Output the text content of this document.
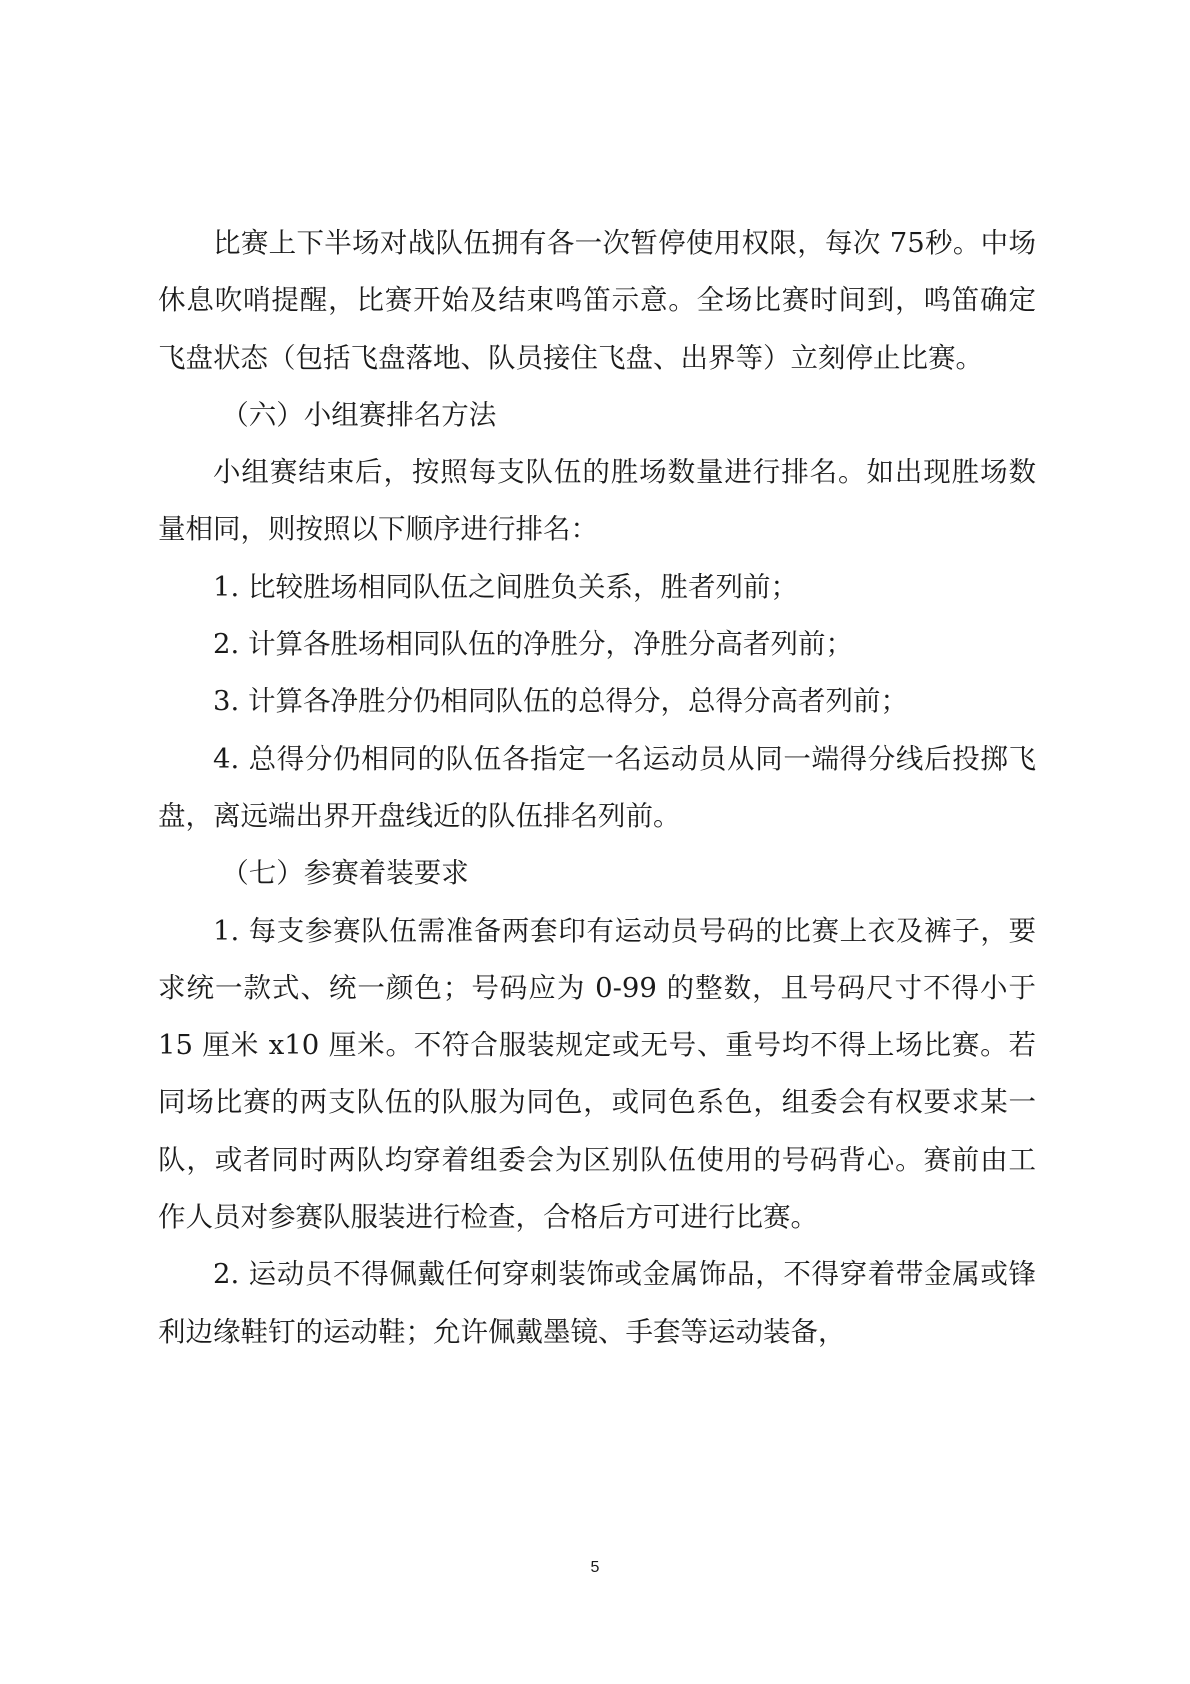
比赛上下半场对战队伍拥有各一次暂停使用权限，每次 75秒。中场休息吹哨提醒，比赛开始及结束鸣笛示意。全场比赛时间到，鸣笛确定飞盘状态（包括飞盘落地、队员接住飞盘、出界等）立刻停止比赛。

（六）小组赛排名方法

小组赛结束后，按照每支队伍的胜场数量进行排名。如出现胜场数量相同，则按照以下顺序进行排名：

1. 比较胜场相同队伍之间胜负关系，胜者列前；

2. 计算各胜场相同队伍的净胜分，净胜分高者列前；

3. 计算各净胜分仍相同队伍的总得分，总得分高者列前；

4. 总得分仍相同的队伍各指定一名运动员从同一端得分线后投掷飞盘，离远端出界开盘线近的队伍排名列前。

（七）参赛着装要求

1. 每支参赛队伍需准备两套印有运动员号码的比赛上衣及裤子，要求统一款式、统一颜色；号码应为 0-99 的整数，且号码尺寸不得小于 15 厘米 x10 厘米。不符合服装规定或无号、重号均不得上场比赛。若同场比赛的两支队伍的队服为同色，或同色系色，组委会有权要求某一队，或者同时两队均穿着组委会为区别队伍使用的号码背心。赛前由工作人员对参赛队服装进行检查，合格后方可进行比赛。

2. 运动员不得佩戴任何穿刺装饰或金属饰品，不得穿着带金属或锋利边缘鞋钉的运动鞋；允许佩戴墨镜、手套等运动装备，

5
